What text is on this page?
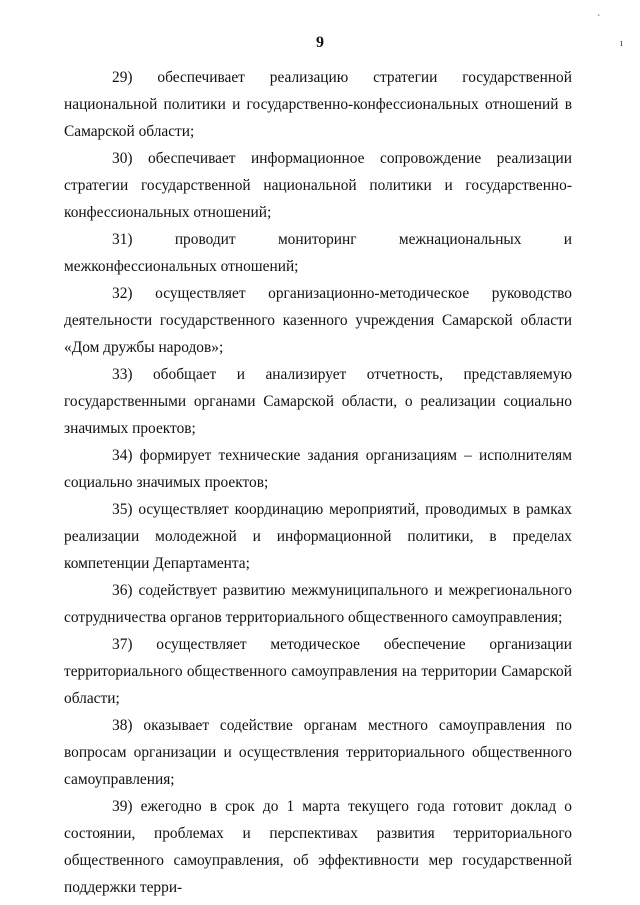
`
ı
9

29) обеспечивает реализацию стратегии государственной национальной политики и государственно-конфессиональных отношений в Самарской области;

30) обеспечивает информационное сопровождение реализации стратегии государственной национальной политики и государственно-конфессиональных отношений;

31) проводит мониторинг межнациональных и межконфессиональных отношений;

32) осуществляет организационно-методическое руководство деятельности государственного казенного учреждения Самарской области «Дом дружбы народов»;

33) обобщает и анализирует отчетность, представляемую государственными органами Самарской области, о реализации социально значимых проектов;

34) формирует технические задания организациям – исполнителям социально значимых проектов;

35) осуществляет координацию мероприятий, проводимых в рамках реализации молодежной и информационной политики, в пределах компетенции Департамента;

36) содействует развитию межмуниципального и межрегионального сотрудничества органов территориального общественного самоуправления;

37) осуществляет методическое обеспечение организации территориального общественного самоуправления на территории Самарской области;

38) оказывает содействие органам местного самоуправления по вопросам организации и осуществления территориального общественного самоуправления;

39) ежегодно в срок до 1 марта текущего года готовит доклад о состоянии, проблемах и перспективах развития территориального общественного самоуправления, об эффективности мер государственной поддержки терри-
